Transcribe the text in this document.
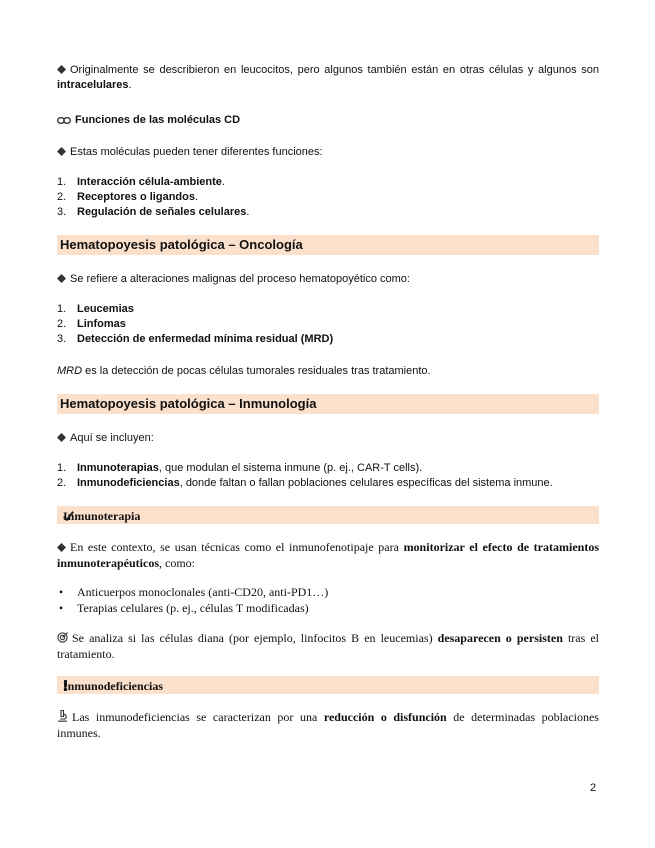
Originalmente se describieron en leucocitos, pero algunos también están en otras células y algunos son intracelulares.

Funciones de las moléculas CD

Estas moléculas pueden tener diferentes funciones:

1. Interacción célula-ambiente.
2. Receptores o ligandos.
3. Regulación de señales celulares.
Hematopoyesis patológica – Oncología

Se refiere a alteraciones malignas del proceso hematopoyético como:

1. Leucemias
2. Linfomas
3. Detección de enfermedad mínima residual (MRD)

MRD es la detección de pocas células tumorales residuales tras tratamiento.

Hematopoyesis patológica – Inmunología

Aquí se incluyen:

1. Inmunoterapias, que modulan el sistema inmune (p. ej., CAR-T cells).
2. Inmunodeficiencias, donde faltan o fallan poblaciones celulares específicas del sistema inmune.
Inmunoterapia

En este contexto, se usan técnicas como el inmunofenotipaje para monitorizar el efecto de tratamientos inmunoterapéuticos, como:

• Anticuerpos monoclonales (anti-CD20, anti-PD1…)
• Terapias celulares (p. ej., células T modificadas)

Se analiza si las células diana (por ejemplo, linfocitos B en leucemias) desaparecen o persisten tras el tratamiento.

Inmunodeficiencias

Las inmunodeficiencias se caracterizan por una reducción o disfunción de determinadas poblaciones inmunes.

2
